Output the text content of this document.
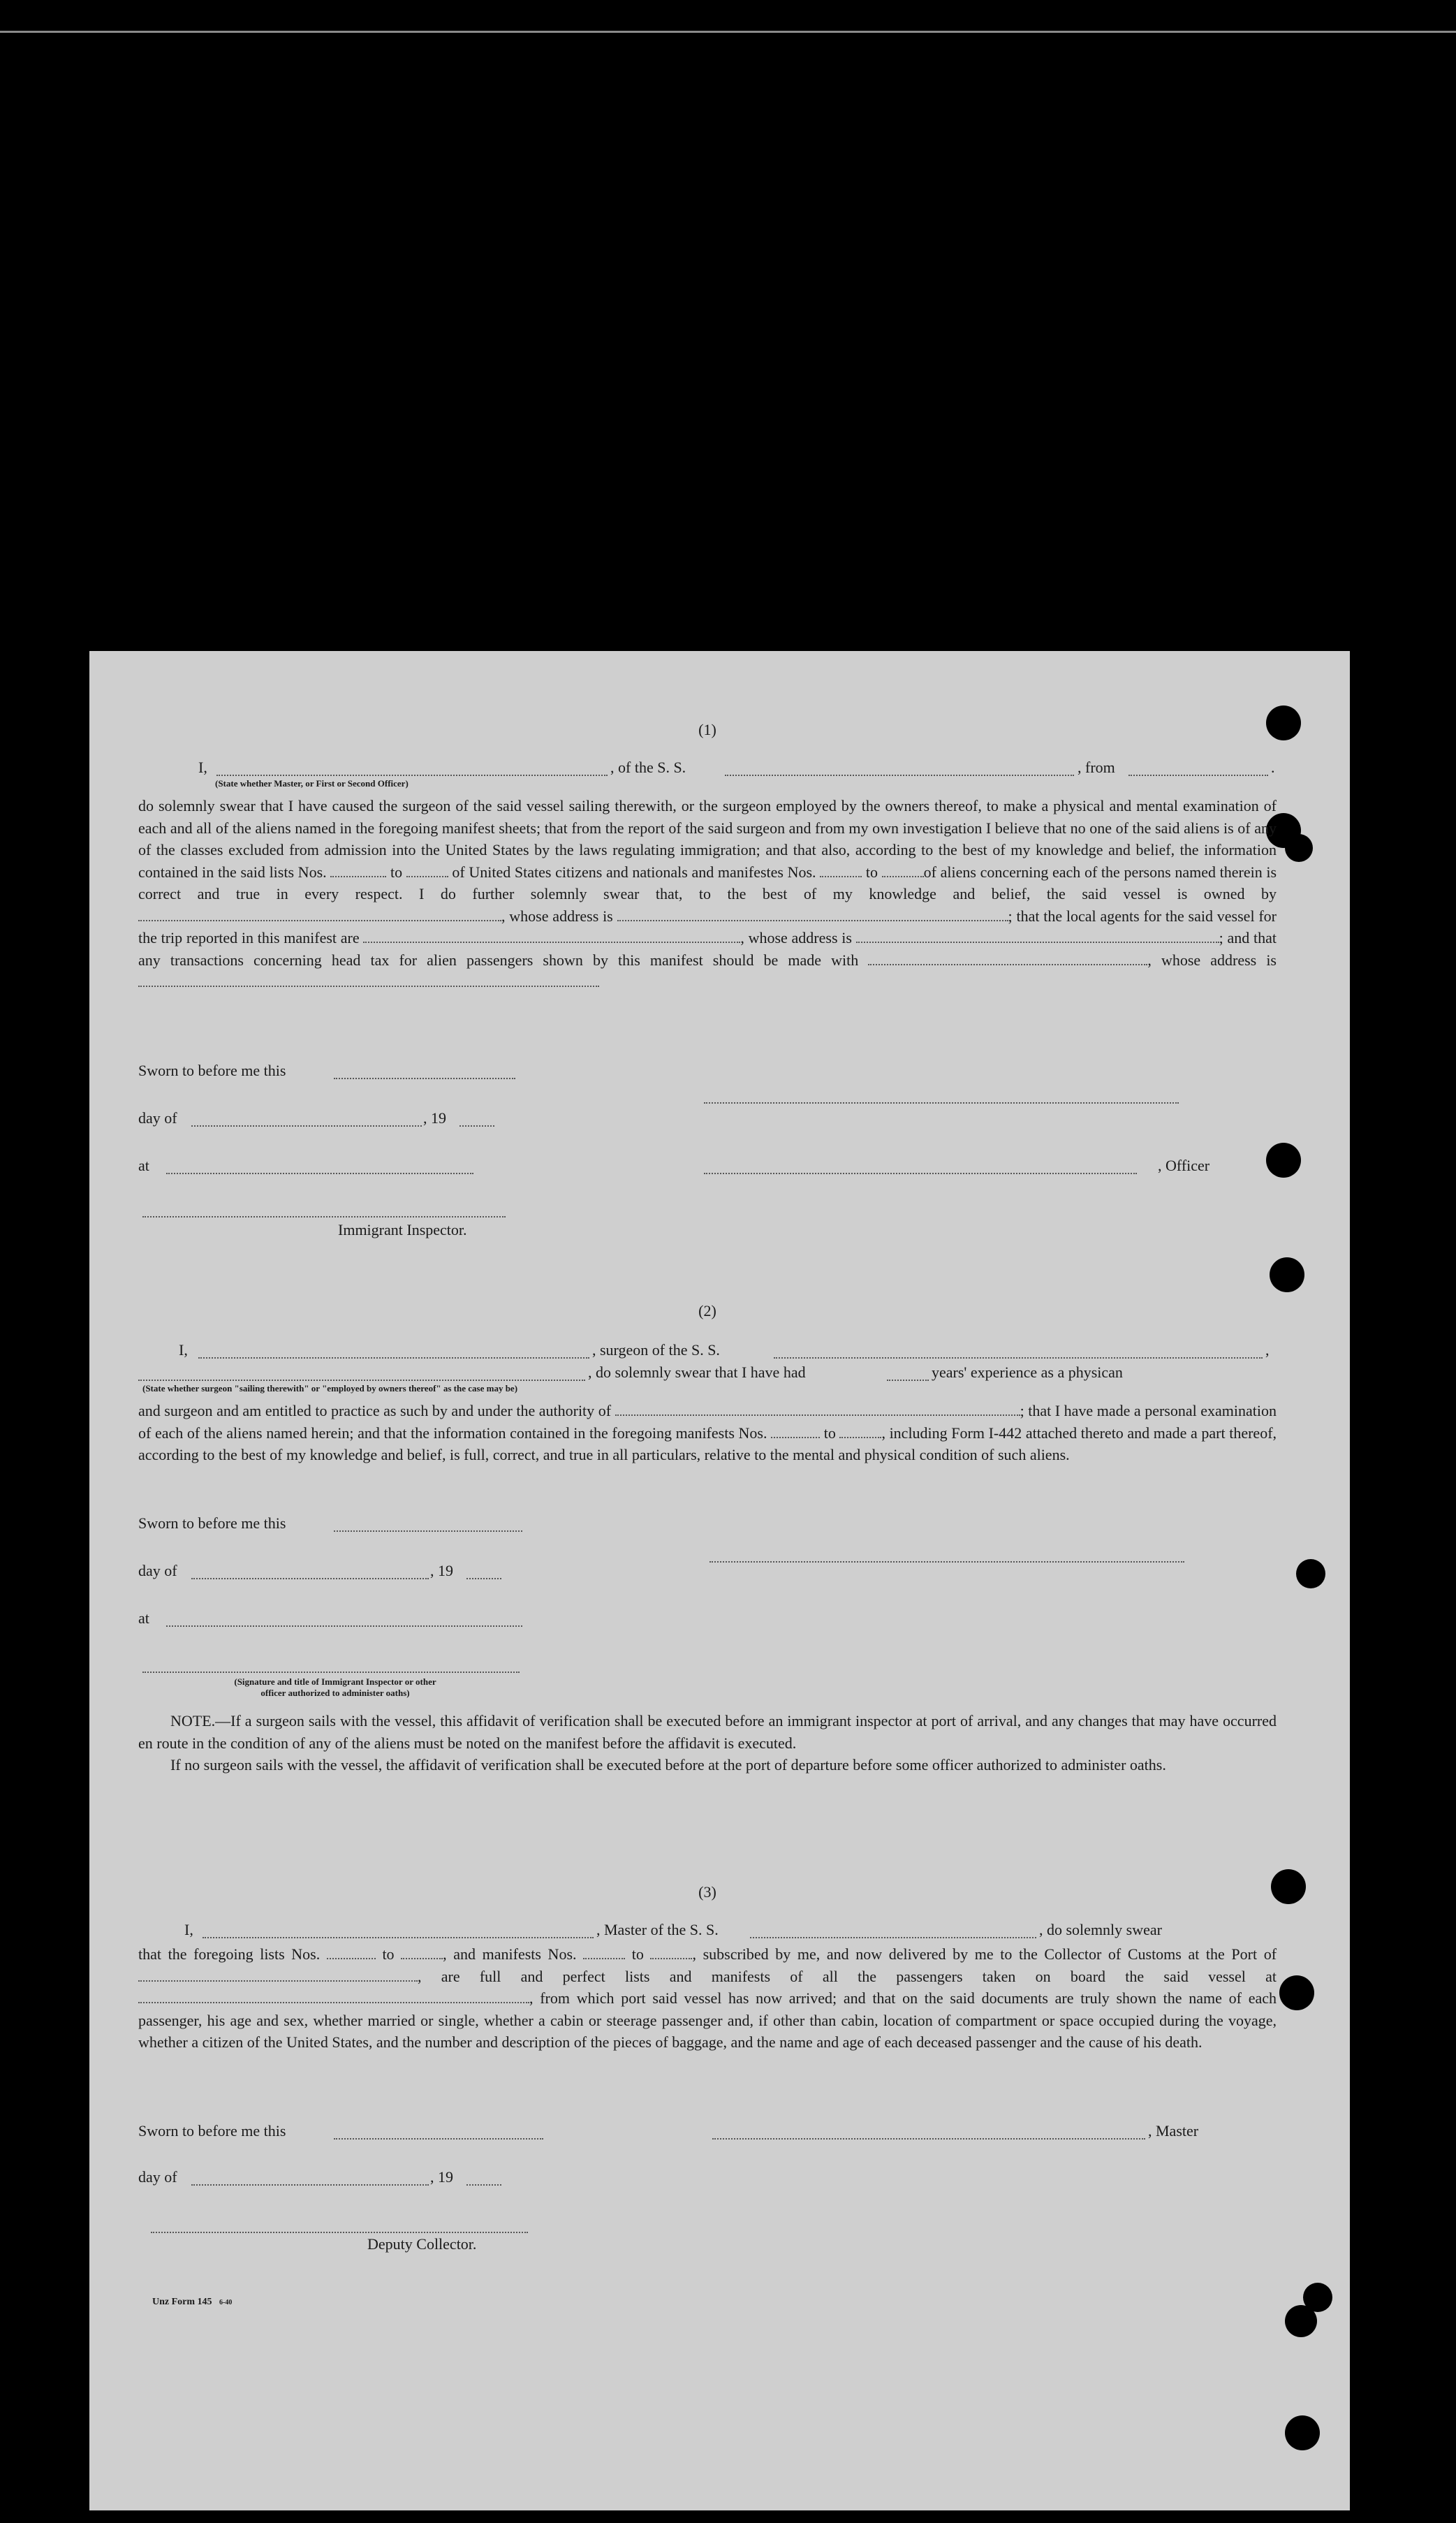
(1)
I,	, of the S. S.	, from	.
(State whether Master, or First or Second Officer)

do solemnly swear that I have caused the surgeon of the said vessel sailing therewith, or the surgeon employed by the owners thereof, to make a physical and mental examination of each and all of the aliens named in the foregoing manifest sheets; that from the report of the said surgeon and from my own investigation I believe that no one of the said aliens is of any of the classes excluded from admission into the United States by the laws regulating immigration; and that also, according to the best of my knowledge and belief, the information contained in the said lists Nos.	to	of United States citizens and nationals and manifestes Nos.	to	of aliens concerning each of the persons named therein is correct and true in every respect. I do further solemnly swear that, to the best of my knowledge and belief, the said vessel is owned by , whose address is	; that the local agents for the said vessel for the trip reported in this manifest are	, whose address is	; and that any transactions concerning head tax for alien passengers shown by this manifest should be made with	, whose address is

Sworn to before me this
day of	, 19
at	, Officer
Immigrant Inspector.
(2)
I,	, surgeon of the S. S.	,
, do solemnly swear that I have had	years' experience as a physican
(State whether surgeon "sailing therewith" or "employed by owners thereof" as the case may be)

and surgeon and am entitled to practice as such by and under the authority of	; that I have made a personal examination of each of the aliens named herein; and that the information contained in the foregoing manifests Nos.	to	, including Form I-442 attached thereto and made a part thereof, according to the best of my knowledge and belief, is full, correct, and true in all particulars, relative to the mental and physical condition of such aliens.

Sworn to before me this
day of	, 19
at
(Signature and title of Immigrant Inspector or other
officer authorized to administer oaths)

NOTE.—If a surgeon sails with the vessel, this affidavit of verification shall be executed before an immigrant inspector at port of arrival, and any changes that may have occurred en route in the condition of any of the aliens must be noted on the manifest before the affidavit is executed.

If no surgeon sails with the vessel, the affidavit of verification shall be executed before at the port of departure before some officer authorized to administer oaths.

(3)
I,	, Master of the S. S.	, do solemnly swear

that the foregoing lists Nos.	to	, and manifests Nos.	to	, subscribed by me, and now delivered by me to the Collector of Customs at the Port of , are full and perfect lists and manifests of all the passengers taken on board the said vessel at , from which port said vessel has now arrived; and that on the said documents are truly shown the name of each passenger, his age and sex, whether married or single, whether a cabin or steerage passenger and, if other than cabin, location of compartment or space occupied during the voyage, whether a citizen of the United States, and the number and description of the pieces of baggage, and the name and age of each deceased passenger and the cause of his death.

Sworn to before me this	, Master
day of	, 19
Deputy Collector.
Unz Form 145 6-40
